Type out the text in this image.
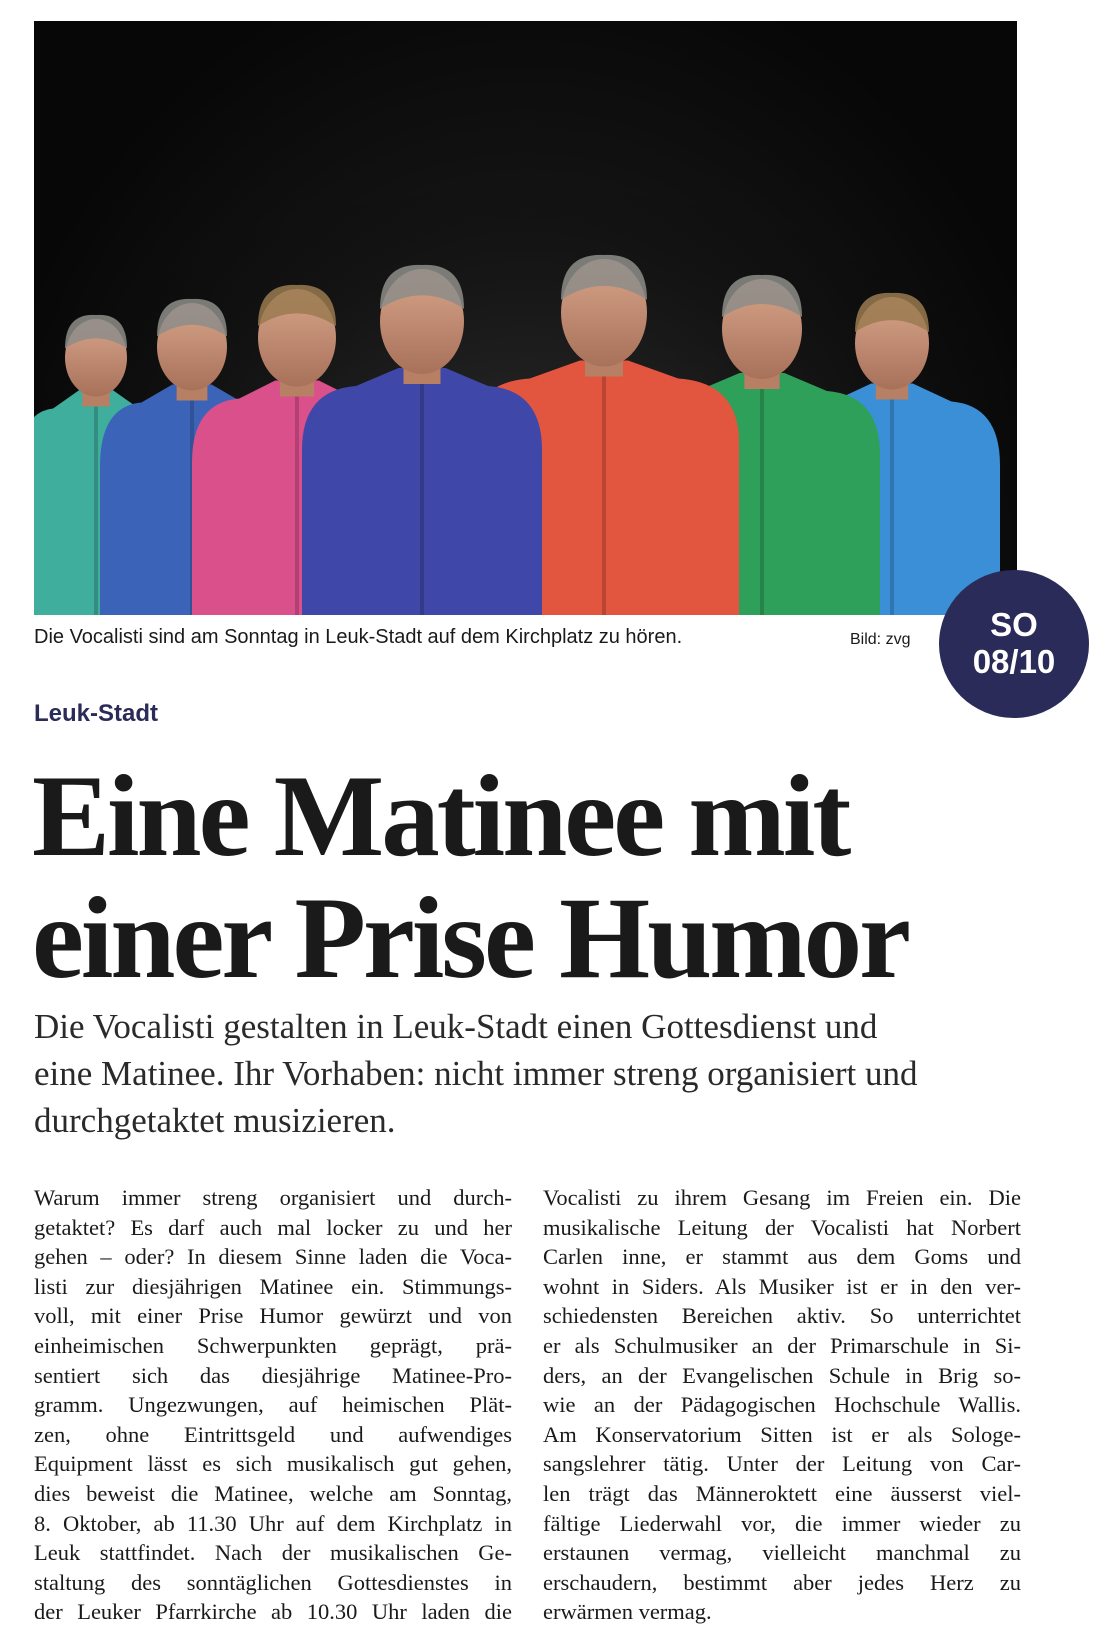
Die Vocalisti sind am Sonntag in Leuk-Stadt auf dem Kirchplatz zu hören.	Bild: zvg SO
08/10
Leuk-Stadt
Eine Matinee mit
einer Prise Humor

Die Vocalisti gestalten in Leuk-Stadt einen Gottesdienst und
eine Matinee. Ihr Vorhaben: nicht immer streng organisiert und
durchgetaktet musizieren.

Warum immer streng organisiert und durch-
getaktet? Es darf auch mal locker zu und her
gehen – oder? In diesem Sinne laden die Voca-
listi zur diesjährigen Matinee ein. Stimmungs-
voll, mit einer Prise Humor gewürzt und von
einheimischen Schwerpunkten geprägt, prä-
sentiert sich das diesjährige Matinee-Pro-
gramm. Ungezwungen, auf heimischen Plät-
zen, ohne Eintrittsgeld und aufwendiges
Equipment lässt es sich musikalisch gut gehen,
dies beweist die Matinee, welche am Sonntag,
8. Oktober, ab 11.30 Uhr auf dem Kirchplatz in
Leuk stattfindet. Nach der musikalischen Ge-
staltung des sonntäglichen Gottesdienstes in
der Leuker Pfarrkirche ab 10.30 Uhr laden die
Vocalisti zu ihrem Gesang im Freien ein. Die
musikalische Leitung der Vocalisti hat Norbert
Carlen inne, er stammt aus dem Goms und
wohnt in Siders. Als Musiker ist er in den ver-
schiedensten Bereichen aktiv. So unterrichtet
er als Schulmusiker an der Primarschule in Si-
ders, an der Evangelischen Schule in Brig so-
wie an der Pädagogischen Hochschule Wallis.
Am Konservatorium Sitten ist er als Sologe-
sangslehrer tätig. Unter der Leitung von Car-
len trägt das Männeroktett eine äusserst viel-
fältige Liederwahl vor, die immer wieder zu
erstaunen vermag, vielleicht manchmal zu
erschaudern, bestimmt aber jedes Herz zu
erwärmen vermag.
